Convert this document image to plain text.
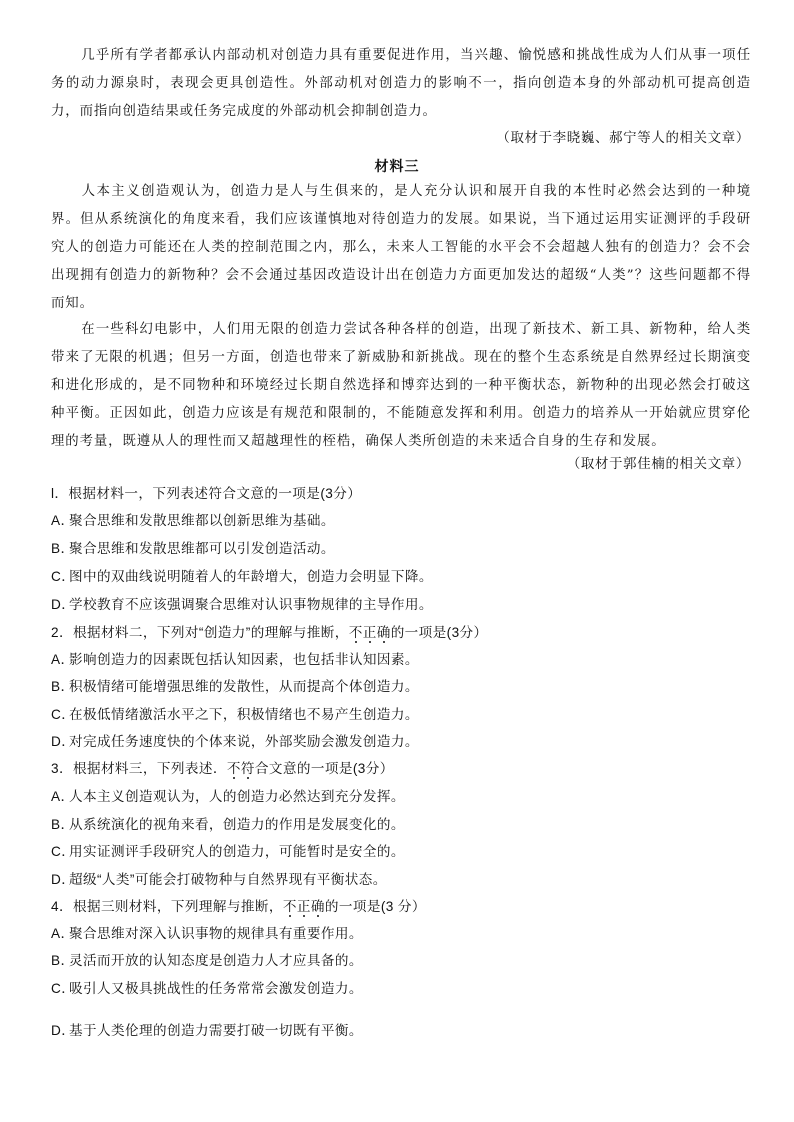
几乎所有学者都承认内部动机对创造力具有重要促进作用，当兴趣、愉悦感和挑战性成为人们从事一项任务的动力源泉时，表现会更具创造性。外部动机对创造力的影响不一，指向创造本身的外部动机可提高创造力，而指向创造结果或任务完成度的外部动机会抑制创造力。

（取材于李晓巍、郝宁等人的相关文章）
材料三

人本主义创造观认为，创造力是人与生俱来的，是人充分认识和展开自我的本性时必然会达到的一种境界。但从系统演化的角度来看，我们应该谨慎地对待创造力的发展。如果说，当下通过运用实证测评的手段研究人的创造力可能还在人类的控制范围之内，那么，未来人工智能的水平会不会超越人独有的创造力？会不会出现拥有创造力的新物种？会不会通过基因改造设计出在创造力方面更加发达的超级“人类”？这些问题都不得而知。

在一些科幻电影中，人们用无限的创造力尝试各种各样的创造，出现了新技术、新工具、新物种，给人类带来了无限的机遇；但另一方面，创造也带来了新威胁和新挑战。现在的整个生态系统是自然界经过长期演变和进化形成的，是不同物种和环境经过长期自然选择和博弈达到的一种平衡状态，新物种的出现必然会打破这种平衡。正因如此，创造力应该是有规范和限制的，不能随意发挥和利用。创造力的培养从一开始就应贯穿伦理的考量，既遵从人的理性而又超越理性的桎梏，确保人类所创造的未来适合自身的生存和发展。

（取材于郭佳楠的相关文章）
l．根据材料一，下列表述符合文意的一项是(3分）
A．聚合思维和发散思维都以创新思维为基础。
B．聚合思维和发散思维都可以引发创造活动。
C．图中的双曲线说明随着人的年龄增大，创造力会明显下降。
D．学校教育不应该强调聚合思维对认识事物规律的主导作用。
2．根据材料二，下列对“创造力”的理解与推断，不正确的一项是(3分）
A．影响创造力的因素既包括认知因素，也包括非认知因素。
B．积极情绪可能增强思维的发散性，从而提高个体创造力。
C．在极低情绪激活水平之下，积极情绪也不易产生创造力。
D．对完成任务速度快的个体来说，外部奖励会激发创造力。
3．根据材料三，下列表述．不符合文意的一项是(3分）
A．人本主义创造观认为，人的创造力必然达到充分发挥。
B．从系统演化的视角来看，创造力的作用是发展变化的。
C．用实证测评手段研究人的创造力，可能暂时是安全的。
D．超级“人类”可能会打破物种与自然界现有平衡状态。
4．根据三则材料，下列理解与推断，不正确的一项是(3 分）
A．聚合思维对深入认识事物的规律具有重要作用。
B．灵活而开放的认知态度是创造力人才应具备的。
C．吸引人又极具挑战性的任务常常会激发创造力。
D．基于人类伦理的创造力需要打破一切既有平衡。
